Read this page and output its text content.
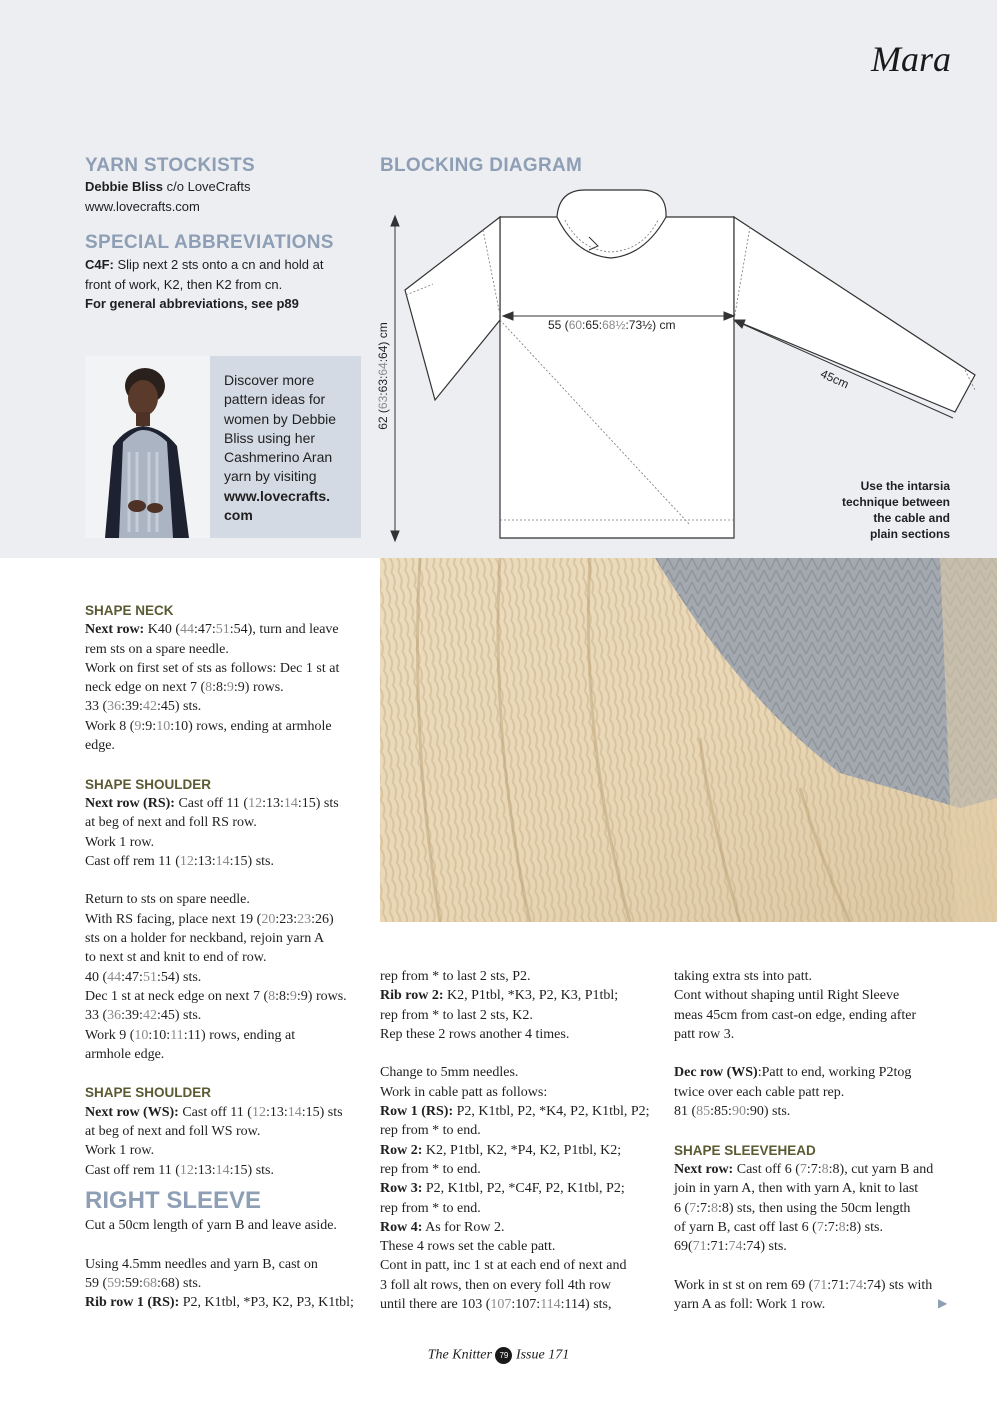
Mara
YARN STOCKISTS
Debbie Bliss c/o LoveCrafts
www.lovecrafts.com
SPECIAL ABBREVIATIONS
C4F: Slip next 2 sts onto a cn and hold at
front of work, K2, then K2 from cn.
For general abbreviations, see p89
Discover more
pattern ideas for
women by Debbie
Bliss using her
Cashmerino Aran
yarn by visiting
www.lovecrafts.
com
BLOCKING DIAGRAM
55 (60:65:68½:73½) cm
62 (63:63:64:64) cm
45cm
Use the intarsia
technique between
the cable and
plain sections

SHAPE NECK

Next row: K40 (44:47:51:54), turn and leave

rem sts on a spare needle.

Work on first set of sts as follows: Dec 1 st at

neck edge on next 7 (8:8:9:9) rows.

33 (36:39:42:45) sts.

Work 8 (9:9:10:10) rows, ending at armhole

edge.

SHAPE SHOULDER

Next row (RS): Cast off 11 (12:13:14:15) sts

at beg of next and foll RS row.

Work 1 row.

Cast off rem 11 (12:13:14:15) sts.

Return to sts on spare needle.

With RS facing, place next 19 (20:23:23:26)

sts on a holder for neckband, rejoin yarn A

to next st and knit to end of row.

40 (44:47:51:54) sts.

Dec 1 st at neck edge on next 7 (8:8:9:9) rows.

33 (36:39:42:45) sts.

Work 9 (10:10:11:11) rows, ending at

armhole edge.

SHAPE SHOULDER

Next row (WS): Cast off 11 (12:13:14:15) sts

at beg of next and foll WS row.

Work 1 row.

Cast off rem 11 (12:13:14:15) sts.

RIGHT SLEEVE

Cut a 50cm length of yarn B and leave aside.

Using 4.5mm needles and yarn B, cast on

59 (59:59:68:68) sts.

Rib row 1 (RS): P2, K1tbl, *P3, K2, P3, K1tbl;

rep from * to last 2 sts, P2.

Rib row 2: K2, P1tbl, *K3, P2, K3, P1tbl;

rep from * to last 2 sts, K2.

Rep these 2 rows another 4 times.

Change to 5mm needles.

Work in cable patt as follows:

Row 1 (RS): P2, K1tbl, P2, *K4, P2, K1tbl, P2;

rep from * to end.

Row 2: K2, P1tbl, K2, *P4, K2, P1tbl, K2;

rep from * to end.

Row 3: P2, K1tbl, P2, *C4F, P2, K1tbl, P2;

rep from * to end.

Row 4: As for Row 2.

These 4 rows set the cable patt.

Cont in patt, inc 1 st at each end of next and

3 foll alt rows, then on every foll 4th row

until there are 103 (107:107:114:114) sts,

taking extra sts into patt.

Cont without shaping until Right Sleeve

meas 45cm from cast-on edge, ending after

patt row 3.

Dec row (WS):Patt to end, working P2tog

twice over each cable patt rep.

81 (85:85:90:90) sts.

SHAPE SLEEVEHEAD

Next row: Cast off 6 (7:7:8:8), cut yarn B and

join in yarn A, then with yarn A, knit to last

6 (7:7:8:8) sts, then using the 50cm length

of yarn B, cast off last 6 (7:7:8:8) sts.

69(71:71:74:74) sts.

Work in st st on rem 69 (71:71:74:74) sts with

yarn A as foll: Work 1 row.	▶
The Knitter 79 Issue 171
